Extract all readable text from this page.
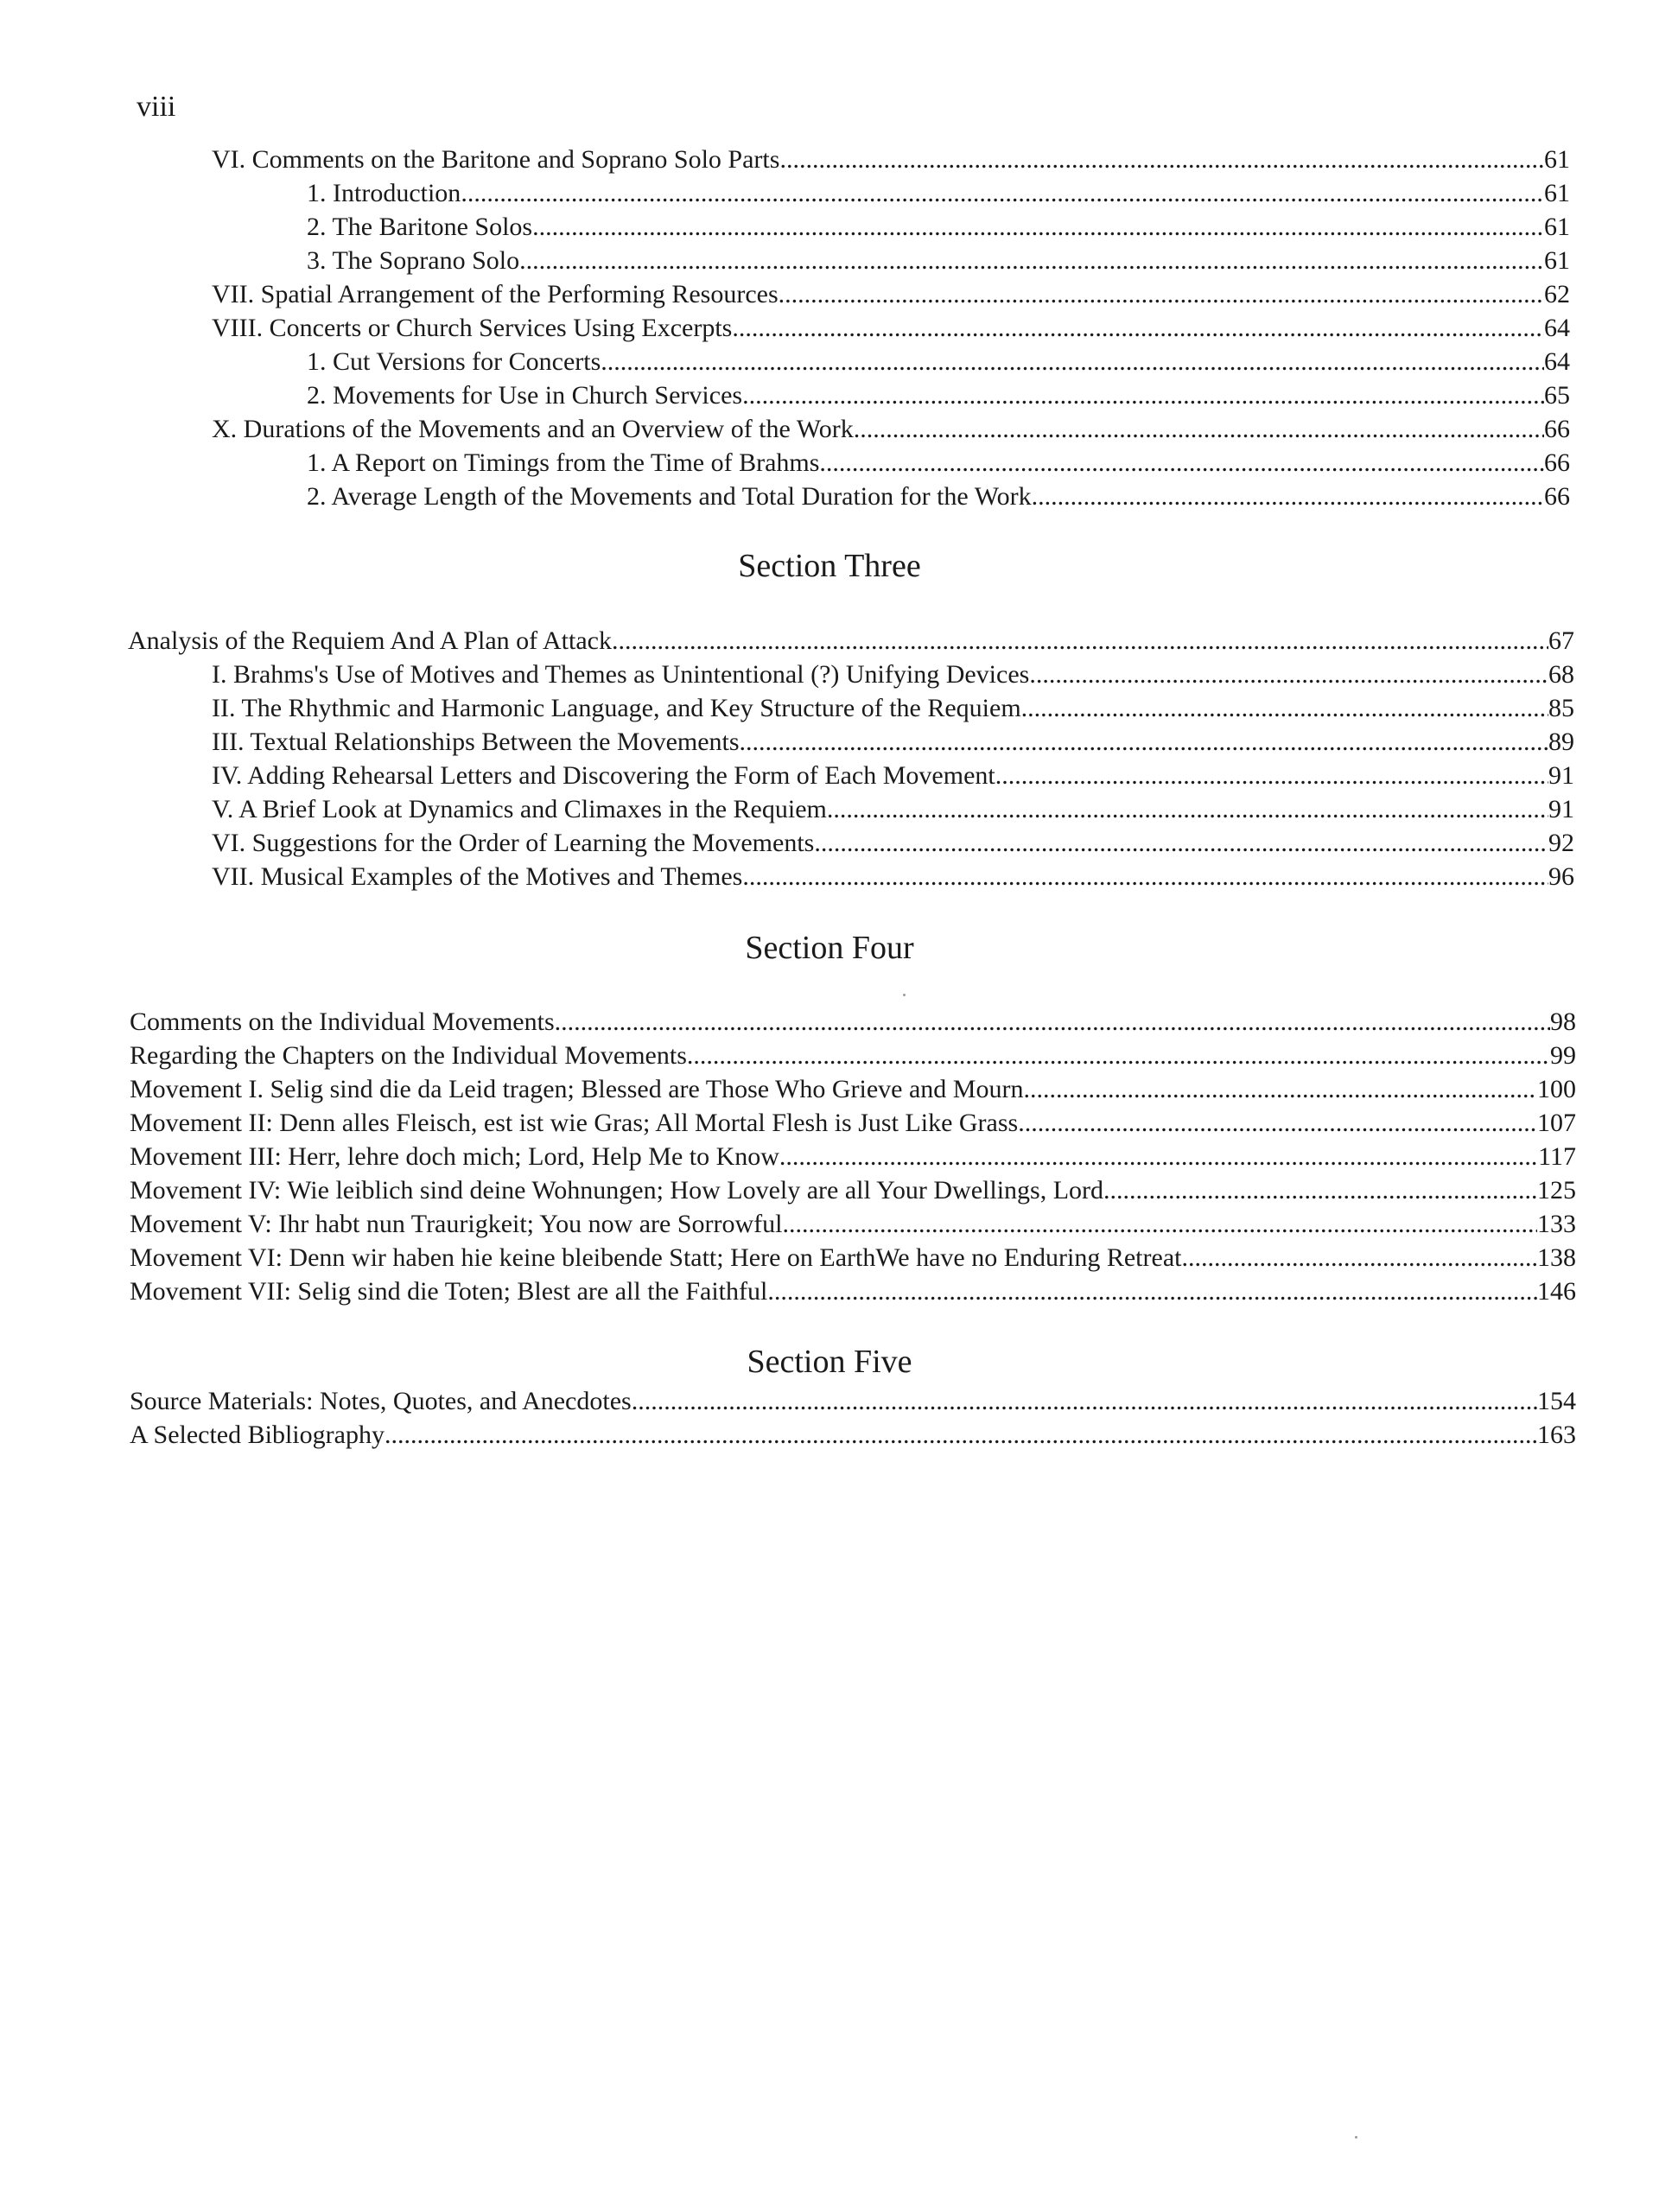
viii
VI. Comments on the Baritone and Soprano Solo Parts .....	61
1. Introduction .....	61
2. The Baritone Solos .....	61
3. The Soprano Solo .....	61
VII. Spatial Arrangement of the Performing Resources .....	62
VIII. Concerts or Church Services Using Excerpts .....	64
1. Cut Versions for Concerts .....	64
2. Movements for Use in Church Services .....	65
X. Durations of the Movements and an Overview of the Work .....	66
1. A Report on Timings from the Time of Brahms .....	66
2. Average Length of the Movements and Total Duration for the Work .....	66
Section Three
Analysis of the Requiem And A Plan of Attack .....	67
I. Brahms's Use of Motives and Themes as Unintentional (?) Unifying Devices .....	68
II. The Rhythmic and Harmonic Language, and Key Structure of the Requiem .....	85
III. Textual Relationships Between the Movements .....	89
IV. Adding Rehearsal Letters and Discovering the Form of Each Movement .....	91
V. A Brief Look at Dynamics and Climaxes in the Requiem .....	91
VI. Suggestions for the Order of Learning the Movements .....	92
VII. Musical Examples of the Motives and Themes .....	96
Section Four
Comments on the Individual Movements .....	98
Regarding the Chapters on the Individual Movements .....	99
Movement I. Selig sind die da Leid tragen; Blessed are Those Who Grieve and Mourn .....	100
Movement II: Denn alles Fleisch, est ist wie Gras; All Mortal Flesh is Just Like Grass .....	107
Movement III: Herr, lehre doch mich; Lord, Help Me to Know .....	117
Movement IV: Wie leiblich sind deine Wohnungen; How Lovely are all Your Dwellings, Lord .....	125
Movement V: Ihr habt nun Traurigkeit; You now are Sorrowful .....	133
Movement VI: Denn wir haben hie keine bleibende Statt; Here on EarthWe have no Enduring Retreat .....	138
Movement VII: Selig sind die Toten; Blest are all the Faithful .....	146
Section Five
Source Materials: Notes, Quotes, and Anecdotes .....	154
A Selected Bibliography .....	163
